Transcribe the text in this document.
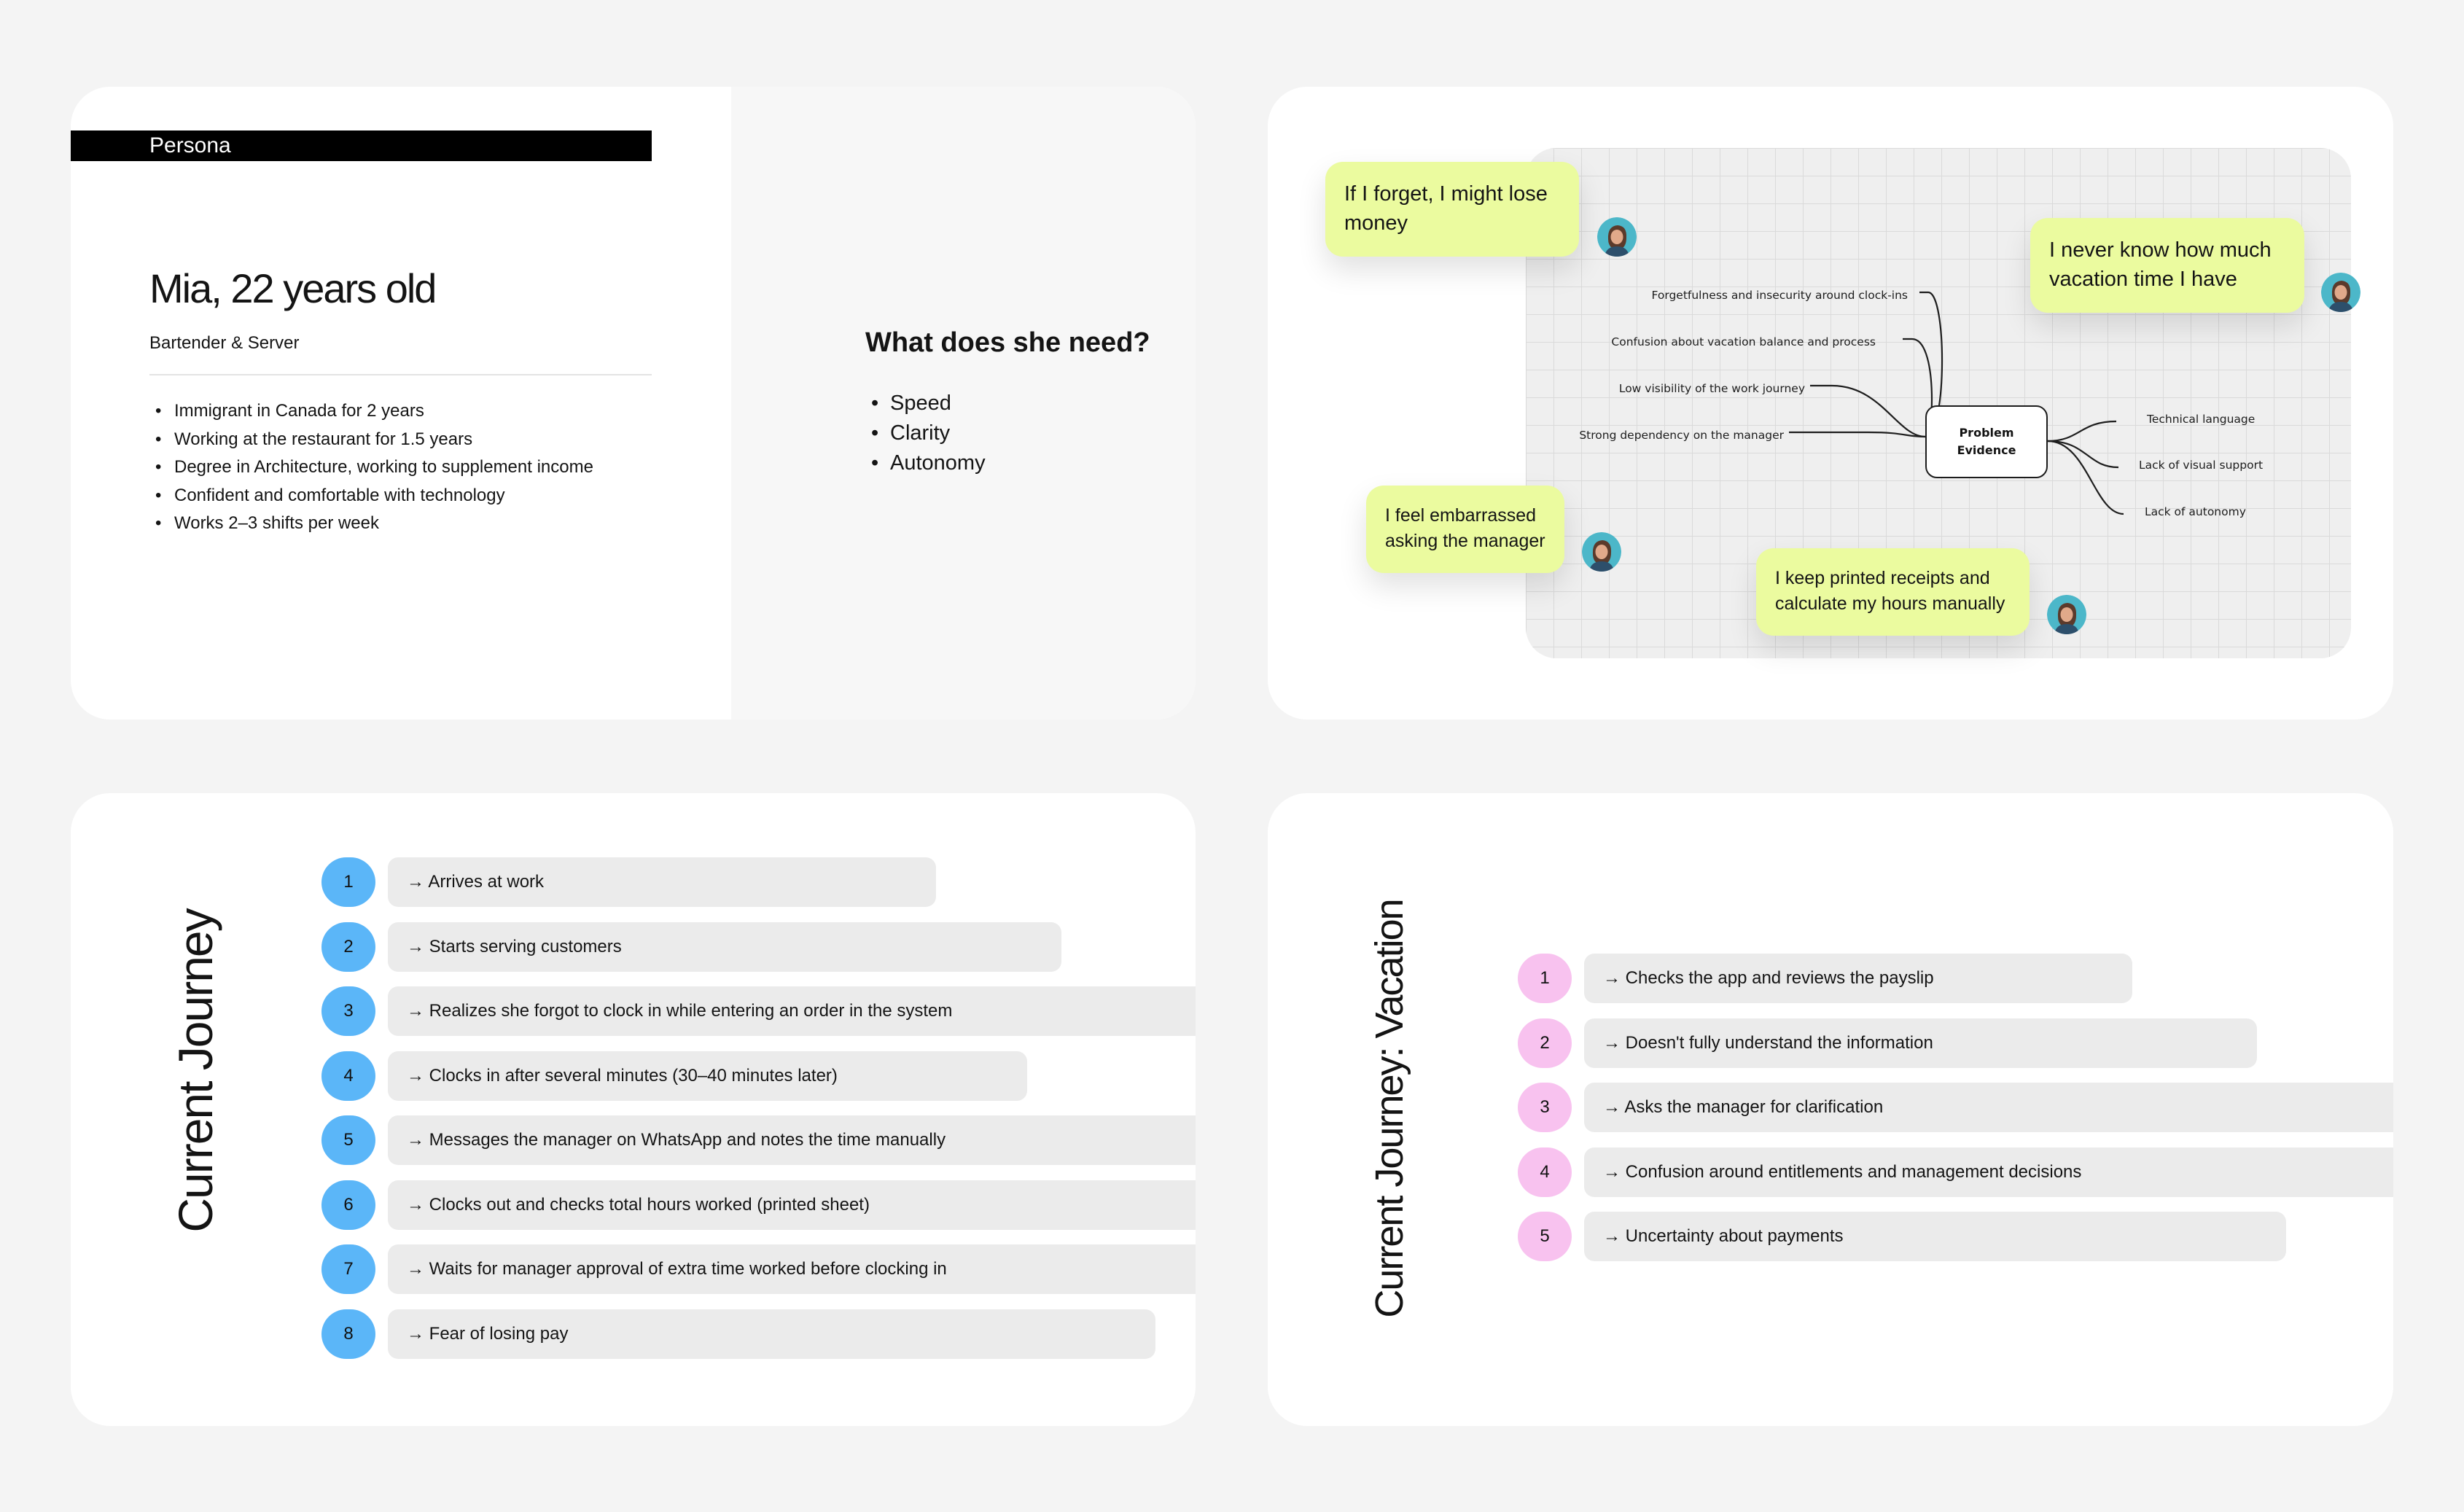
Persona
Mia, 22 years old
Bartender & Server
• Immigrant in Canada for 2 years
• Working at the restaurant for 1.5 years
• Degree in Architecture, working to supplement income
• Confident and comfortable with technology
• Works 2–3 shifts per week
What does she need?
• Speed
• Clarity
• Autonomy
Forgetfulness and insecurity around clock-ins
Confusion about vacation balance and process
Low visibility of the work journey
Strong dependency on the manager	Problem Evidence
Technical language
Lack of visual support
Lack of autonomy
If I forget, I might lose money
I never know how much vacation time I have
I feel embarrassed asking the manager
I keep printed receipts and calculate my hours manually
Current Journey
1	→ Arrives at work
2	→ Starts serving customers
3	→ Realizes she forgot to clock in while entering an order in the system
4	→ Clocks in after several minutes (30–40 minutes later)
5	→ Messages the manager on WhatsApp and notes the time manually
6	→ Clocks out and checks total hours worked (printed sheet)
7	→ Waits for manager approval of extra time worked before clocking in
8	→ Fear of losing pay
Current Journey: Vacation	1	→ Checks the app and reviews the payslip
2	→ Doesn't fully understand the information
3	→ Asks the manager for clarification
4	→ Confusion around entitlements and management decisions
5	→ Uncertainty about payments
